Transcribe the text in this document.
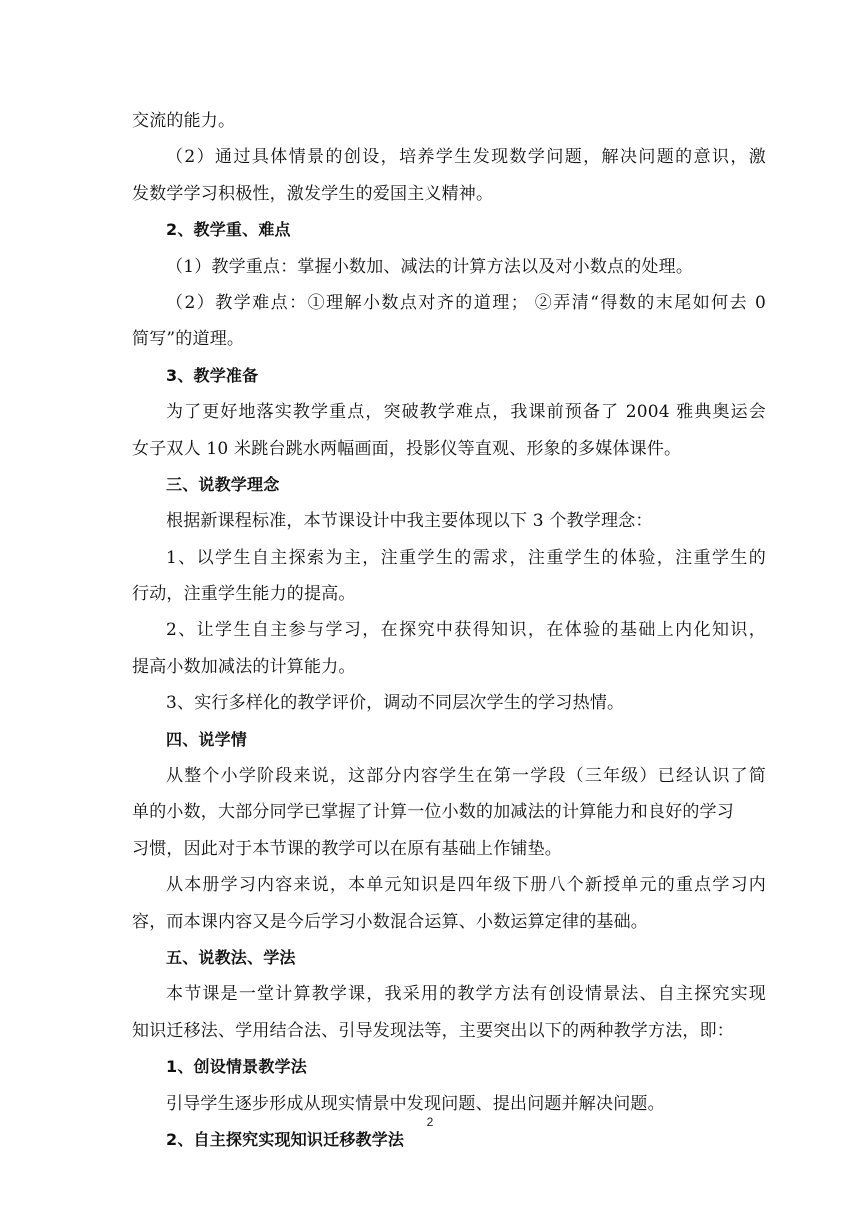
交流的能力。
（2）通过具体情景的创设，培养学生发现数学问题，解决问题的意识，激
发数学学习积极性，激发学生的爱国主义精神。
2、教学重、难点
（1）教学重点：掌握小数加、减法的计算方法以及对小数点的处理。
（2）教学难点：①理解小数点对齐的道理； ②弄清“得数的末尾如何去 0
简写”的道理。
3、教学准备
为了更好地落实教学重点，突破教学难点，我课前预备了 2004 雅典奥运会
女子双人 10 米跳台跳水两幅画面，投影仪等直观、形象的多媒体课件。
三、说教学理念
根据新课程标准，本节课设计中我主要体现以下 3 个教学理念：
1、以学生自主探索为主，注重学生的需求，注重学生的体验，注重学生的
行动，注重学生能力的提高。
2、让学生自主参与学习，在探究中获得知识，在体验的基础上内化知识，
提高小数加减法的计算能力。
3、实行多样化的教学评价，调动不同层次学生的学习热情。
四、说学情
从整个小学阶段来说，这部分内容学生在第一学段（三年级）已经认识了简
单的小数，大部分同学已掌握了计算一位小数的加减法的计算能力和良好的学习
习惯，因此对于本节课的教学可以在原有基础上作铺垫。
从本册学习内容来说，本单元知识是四年级下册八个新授单元的重点学习内
容，而本课内容又是今后学习小数混合运算、小数运算定律的基础。
五、说教法、学法
本节课是一堂计算教学课，我采用的教学方法有创设情景法、自主探究实现
知识迁移法、学用结合法、引导发现法等，主要突出以下的两种教学方法，即：
1、创设情景教学法
引导学生逐步形成从现实情景中发现问题、提出问题并解决问题。
2、自主探究实现知识迁移教学法
2
